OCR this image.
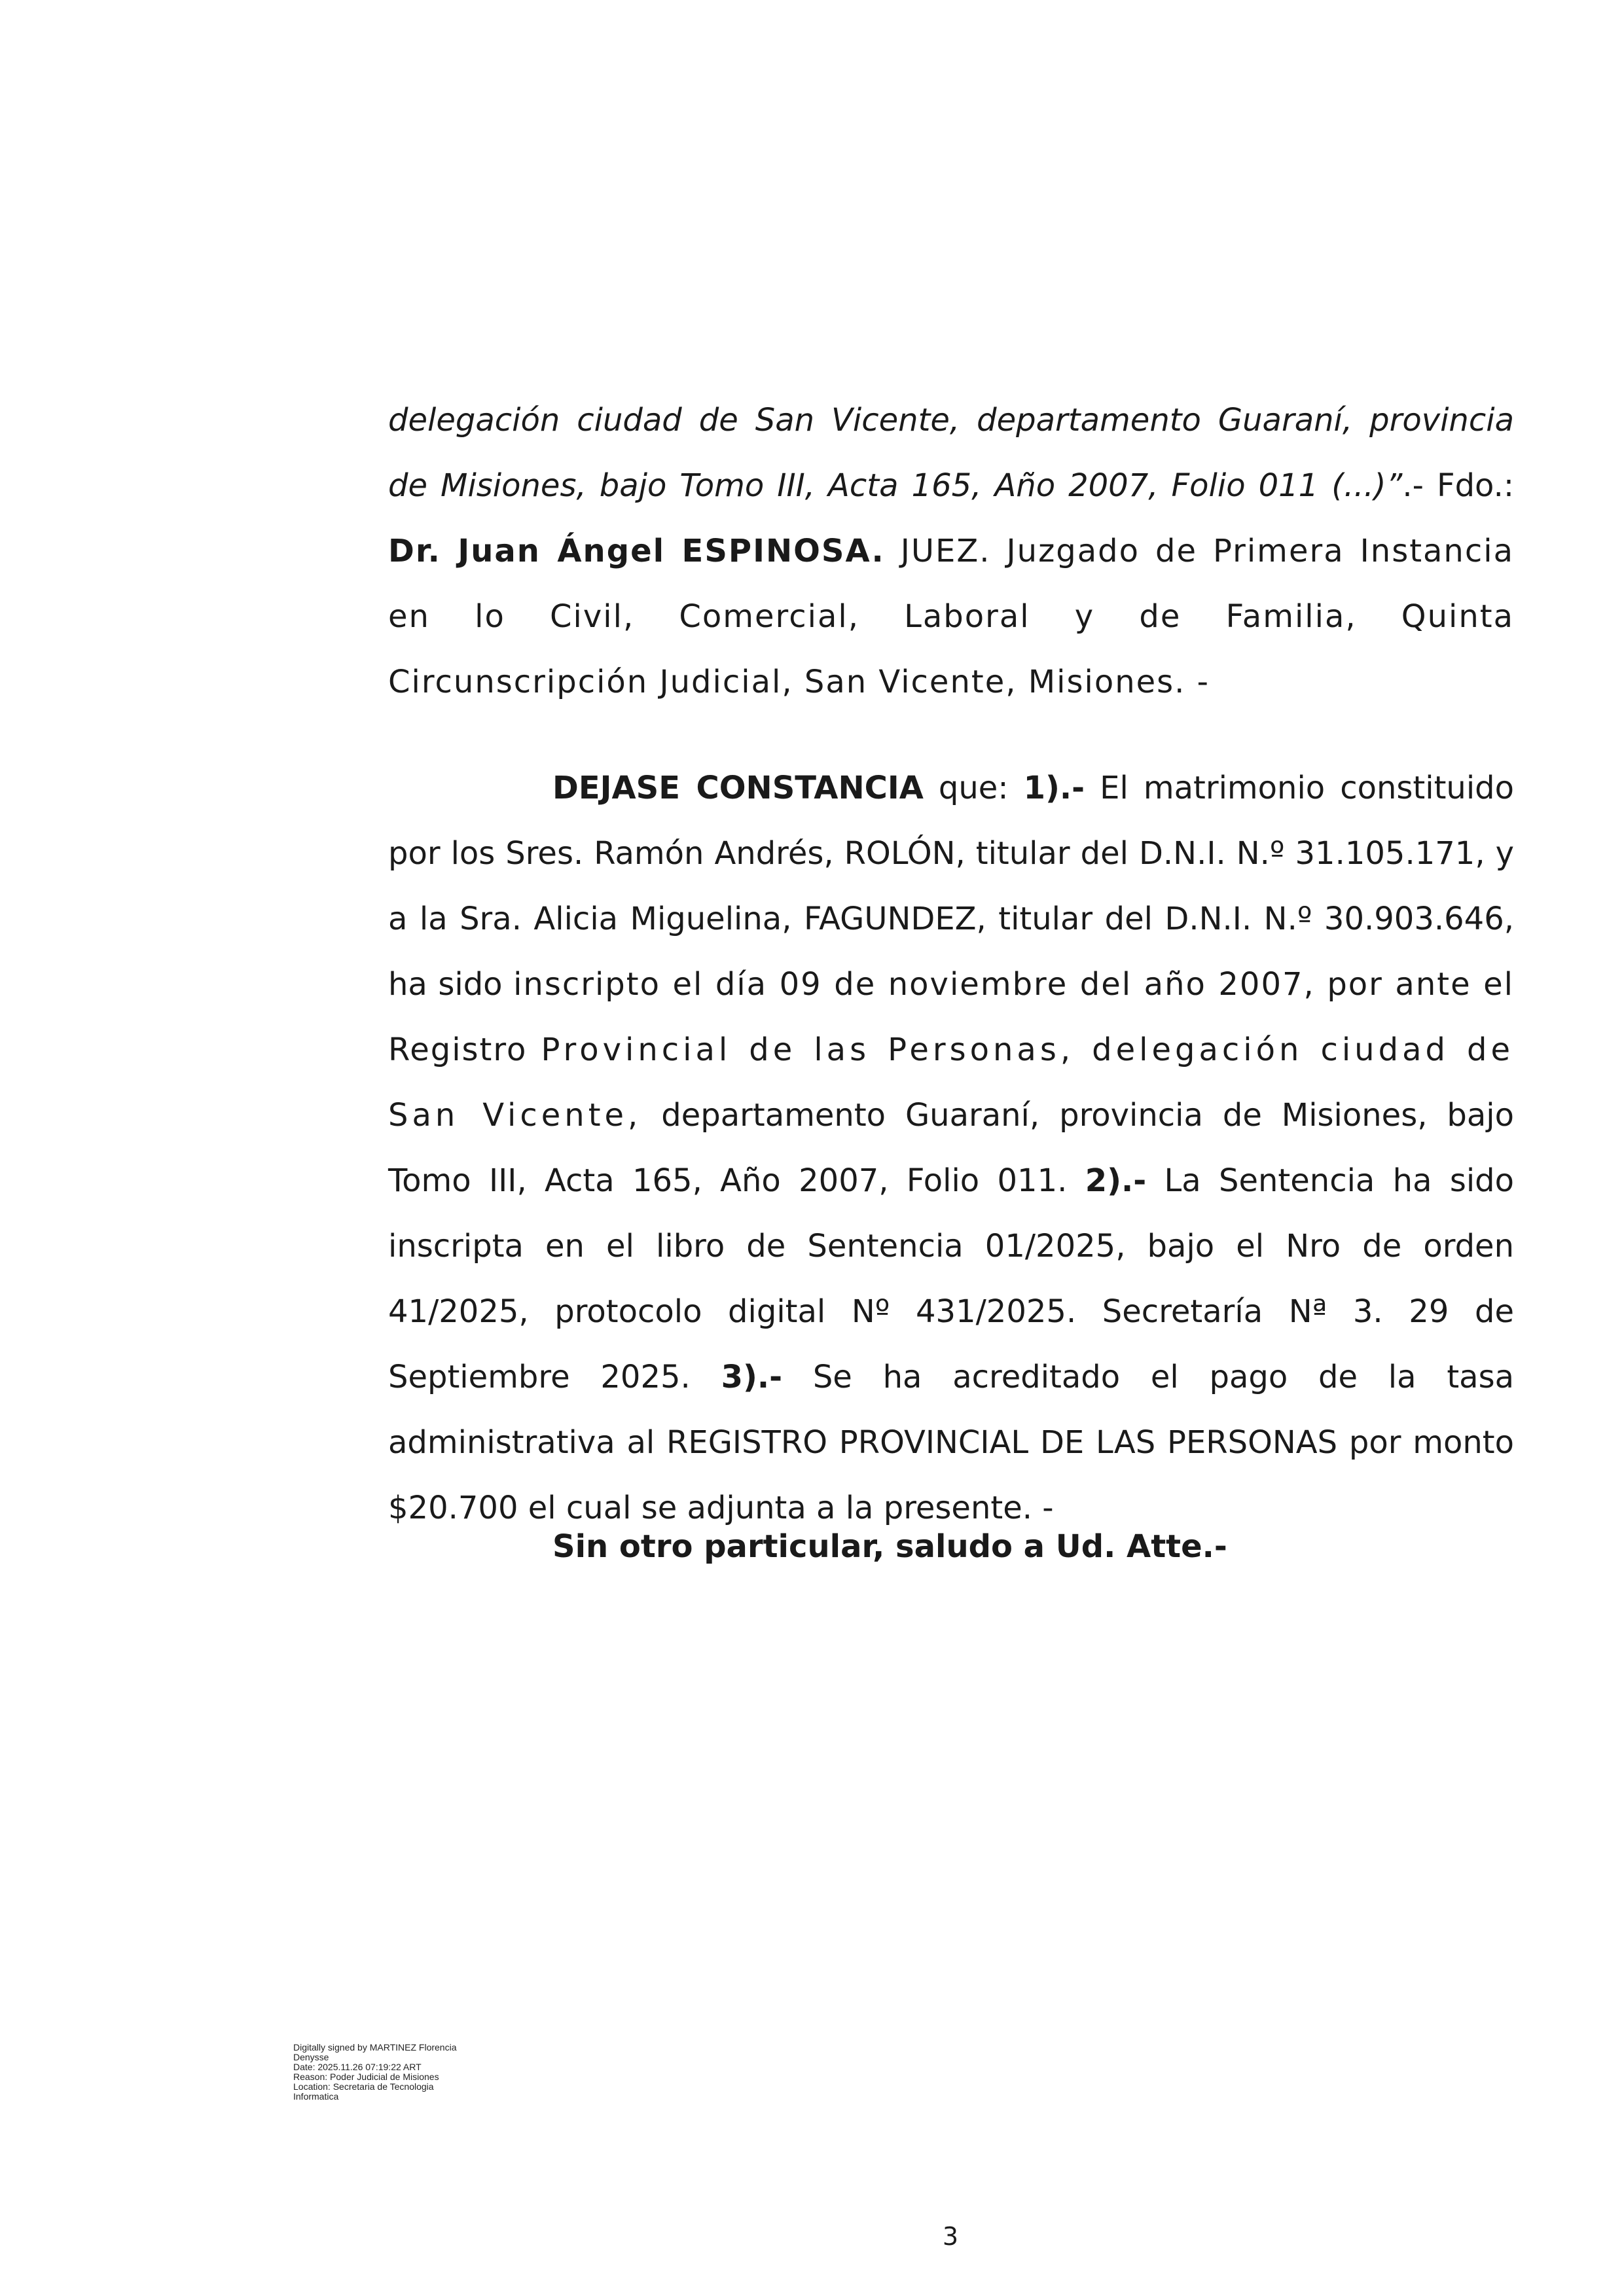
delegación ciudad de San Vicente, departamento Guaraní, provincia de Misiones, bajo Tomo III, Acta 165, Año 2007, Folio 011 (...)”.- Fdo.: Dr. Juan Ángel ESPINOSA. JUEZ. Juzgado de Primera Instancia en lo Civil, Comercial, Laboral y de Familia, Quinta Circunscripción Judicial, San Vicente, Misiones. -

DEJASE CONSTANCIA que: 1).- El matrimonio constituido por los Sres. Ramón Andrés, ROLÓN, titular del D.N.I. N.º 31.105.171, y a la Sra. Alicia Miguelina, FAGUNDEZ, titular del D.N.I. N.º 30.903.646, ha sido inscripto el día 09 de noviembre del año 2007, por ante el Registro Provincial de las Personas, delegación ciudad de San Vicente, departamento Guaraní, provincia de Misiones, bajo Tomo III, Acta 165, Año 2007, Folio 011. 2).- La Sentencia ha sido inscripta en el libro de Sentencia 01/2025, bajo el Nro de orden 41/2025, protocolo digital Nº 431/2025. Secretaría Nª 3. 29 de Septiembre 2025. 3).- Se ha acreditado el pago de la tasa administrativa al REGISTRO PROVINCIAL DE LAS PERSONAS por monto $20.700 el cual se adjunta a la presente. -

Sin otro particular, saludo a Ud. Atte.-

Digitally signed by MARTINEZ Florencia
Denysse
Date: 2025.11.26 07:19:22 ART
Reason: Poder Judicial de Misiones
Location: Secretaria de Tecnologia
Informatica
3
